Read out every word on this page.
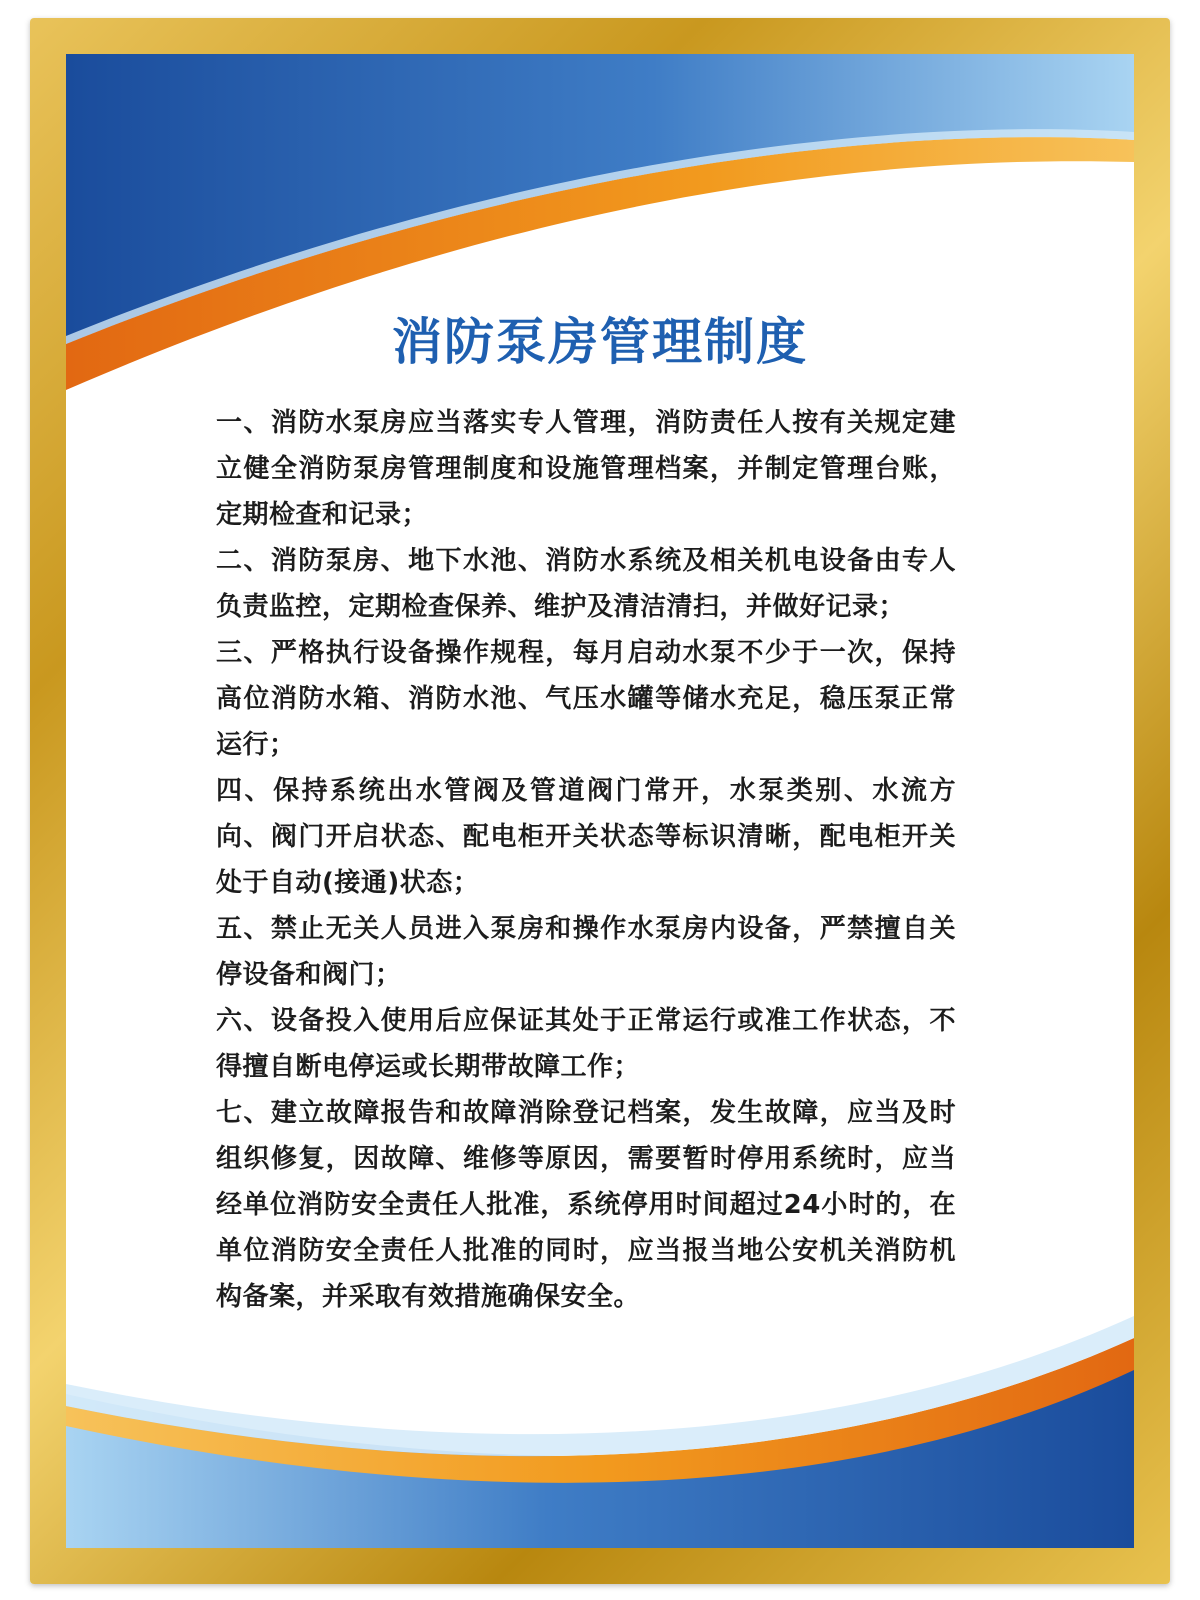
消防泵房管理制度

一、消防水泵房应当落实专人管理，消防责任人按有关规定建立健全消防泵房管理制度和设施管理档案，并制定管理台账，定期检查和记录；

二、消防泵房、地下水池、消防水系统及相关机电设备由专人负责监控，定期检查保养、维护及清洁清扫，并做好记录；

三、严格执行设备操作规程，每月启动水泵不少于一次，保持高位消防水箱、消防水池、气压水罐等储水充足，稳压泵正常运行；

四、保持系统出水管阀及管道阀门常开，水泵类别、水流方向、阀门开启状态、配电柜开关状态等标识清晰，配电柜开关处于自动(接通)状态；

五、禁止无关人员进入泵房和操作水泵房内设备，严禁擅自关停设备和阀门；

六、设备投入使用后应保证其处于正常运行或准工作状态，不得擅自断电停运或长期带故障工作；

七、建立故障报告和故障消除登记档案，发生故障，应当及时组织修复，因故障、维修等原因，需要暂时停用系统时，应当经单位消防安全责任人批准，系统停用时间超过24小时的，在单位消防安全责任人批准的同时，应当报当地公安机关消防机构备案，并采取有效措施确保安全。
